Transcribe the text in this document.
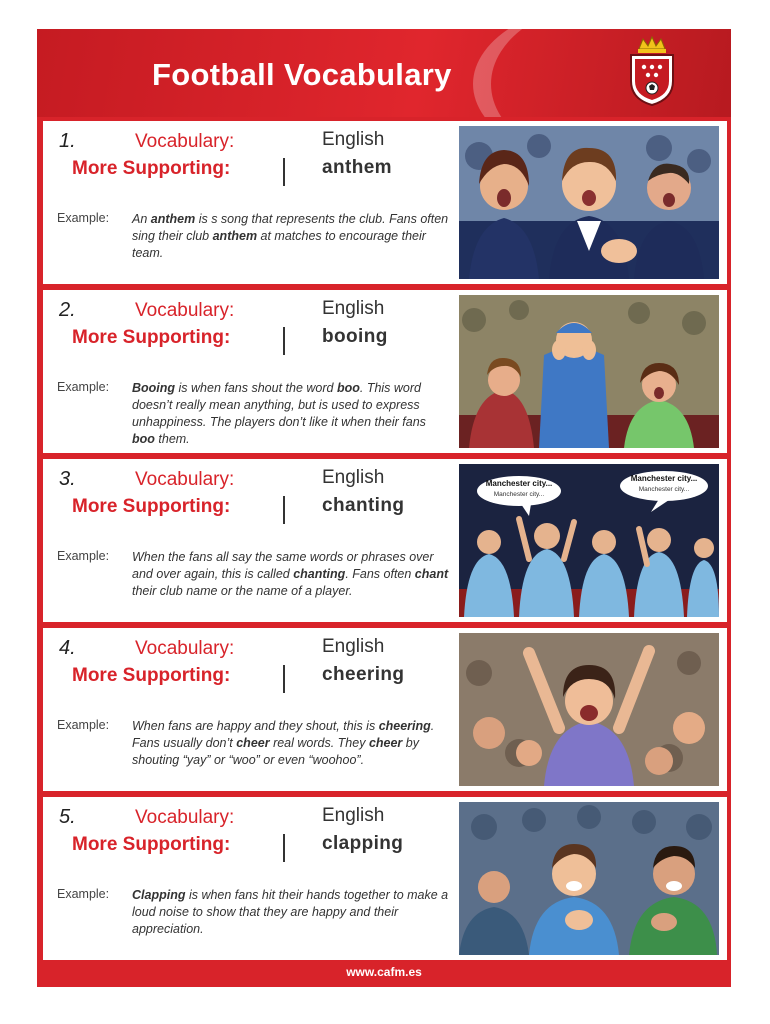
Football Vocabulary
1.	Vocabulary:
More Supporting:
English
anthem
Example: An anthem is s song that represents the club. Fans often sing their club anthem at matches to encourage their team.
2.	Vocabulary:
More Supporting:
English
booing
Example: Booing is when fans shout the word boo. This word doesn’t really mean anything, but is used to express unhappiness. The players don’t like it when their fans boo them.
3.	Vocabulary:
More Supporting:
English
chanting
Example: When the fans all say the same words or phrases over and over again, this is called chanting. Fans often chant their club name or the name of a player.
Manchester city...
Manchester city...
Manchester city...
Manchester city...
4.	Vocabulary:
More Supporting:
English
cheering
Example: When fans are happy and they shout, this is cheering. Fans usually don’t cheer real words. They cheer by shouting “yay” or “woo” or even “woohoo”.
5.	Vocabulary:
More Supporting:
English
clapping
Example: Clapping is when fans hit their hands together to make a loud noise to show that they are happy and their appreciation.
www.cafm.es
